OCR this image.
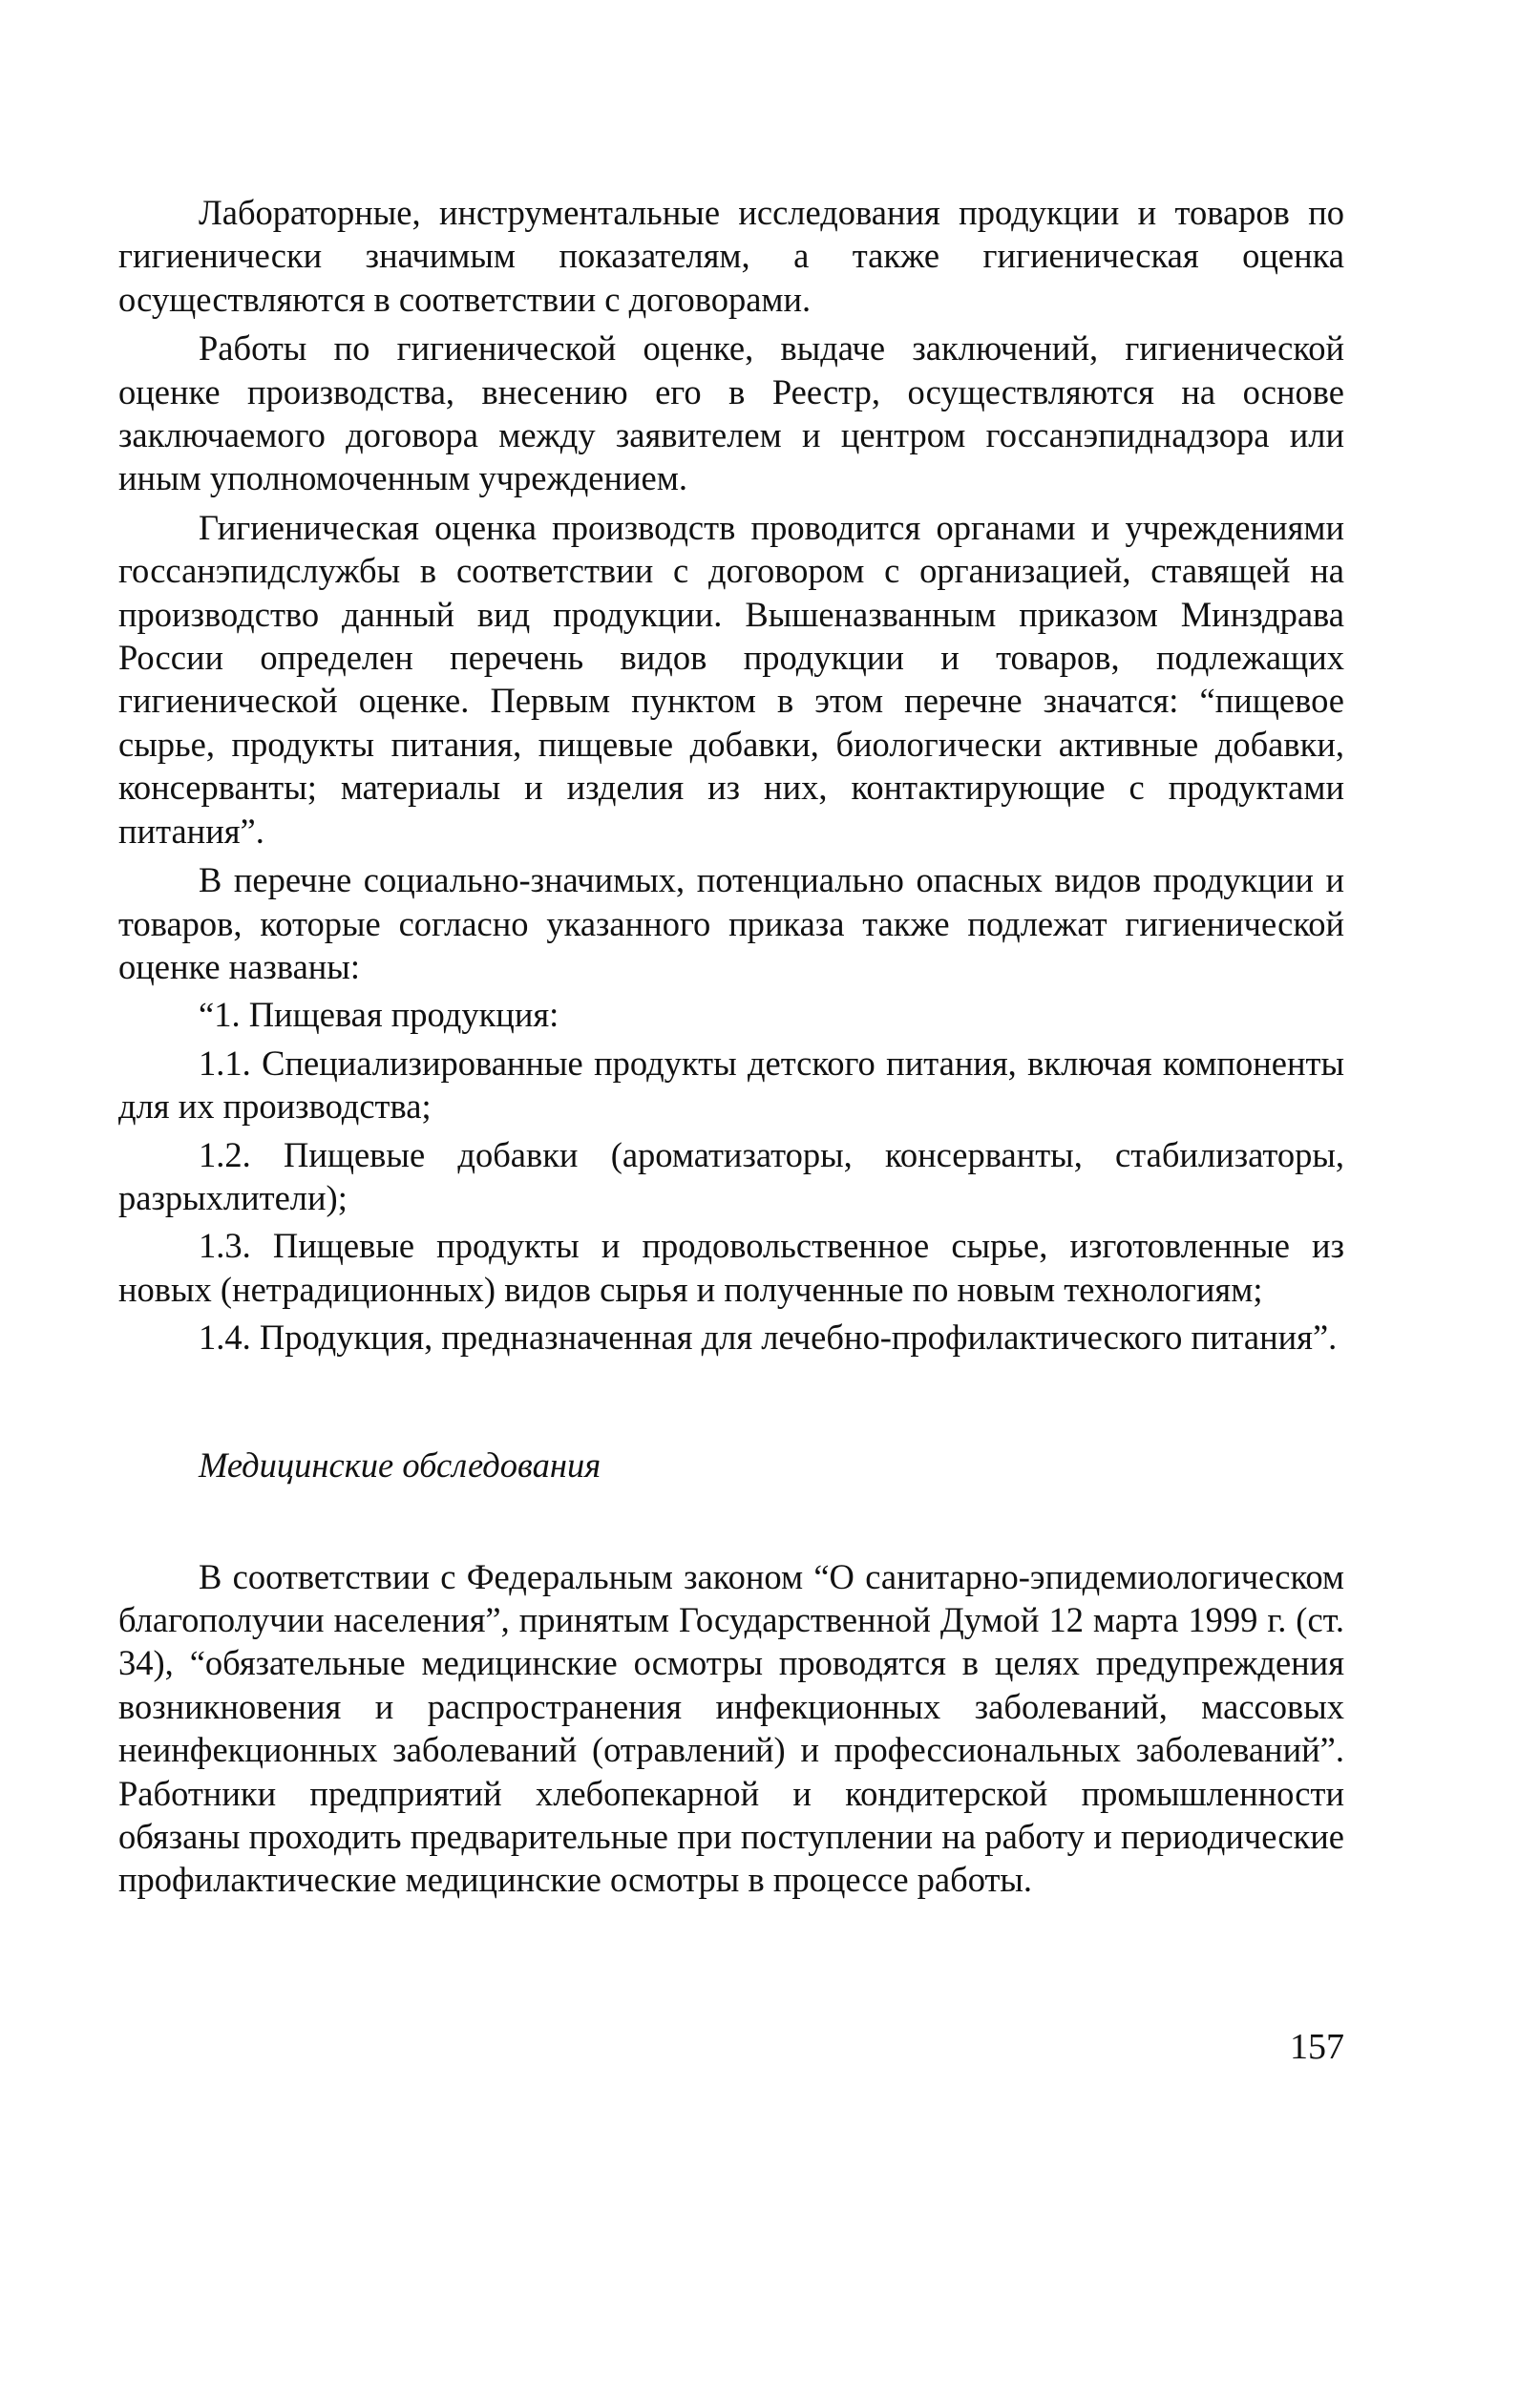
Лабораторные, инструментальные исследования продукции и товаров по гигиенически значимым показателям, а также гигиеническая оценка осуществляются в соответствии с договорами.

Работы по гигиенической оценке, выдаче заключений, гигиенической оценке производства, внесению его в Реестр, осуществляются на основе заключаемого договора между заявителем и центром госсанэпиднадзора или иным уполномоченным учреждением.

Гигиеническая оценка производств проводится органами и учреждениями госсанэпидслужбы в соответствии с договором с организацией, ставящей на производство данный вид продукции. Вышеназванным приказом Минздрава России определен перечень видов продукции и товаров, подлежащих гигиенической оценке. Первым пунктом в этом перечне значатся: “пищевое сырье, продукты питания, пищевые добавки, биологически активные добавки, консерванты; материалы и изделия из них, контактирующие с продуктами питания”.

В перечне социально-значимых, потенциально опасных видов продукции и товаров, которые согласно указанного приказа также подлежат гигиенической оценке названы:

“1. Пищевая продукция:

1.1. Специализированные продукты детского питания, включая компоненты для их производства;

1.2. Пищевые добавки (ароматизаторы, консерванты, стабилизаторы, разрыхлители);

1.3. Пищевые продукты и продовольственное сырье, изготовленные из новых (нетрадиционных) видов сырья и полученные по новым технологиям;

1.4. Продукция, предназначенная для лечебно-профилактического питания”.

Медицинские обследования

В соответствии с Федеральным законом “О санитарно-эпидемиологическом благополучии населения”, принятым Государственной Думой 12 марта 1999 г. (ст. 34), “обязательные медицинские осмотры проводятся в целях предупреждения возникновения и распространения инфекционных заболеваний, массовых неинфекционных заболеваний (отравлений) и профессиональных заболеваний”. Работники предприятий хлебопекарной и кондитерской промышленности обязаны проходить предварительные при поступлении на работу и периодические профилактические медицинские осмотры в процессе работы.

157
